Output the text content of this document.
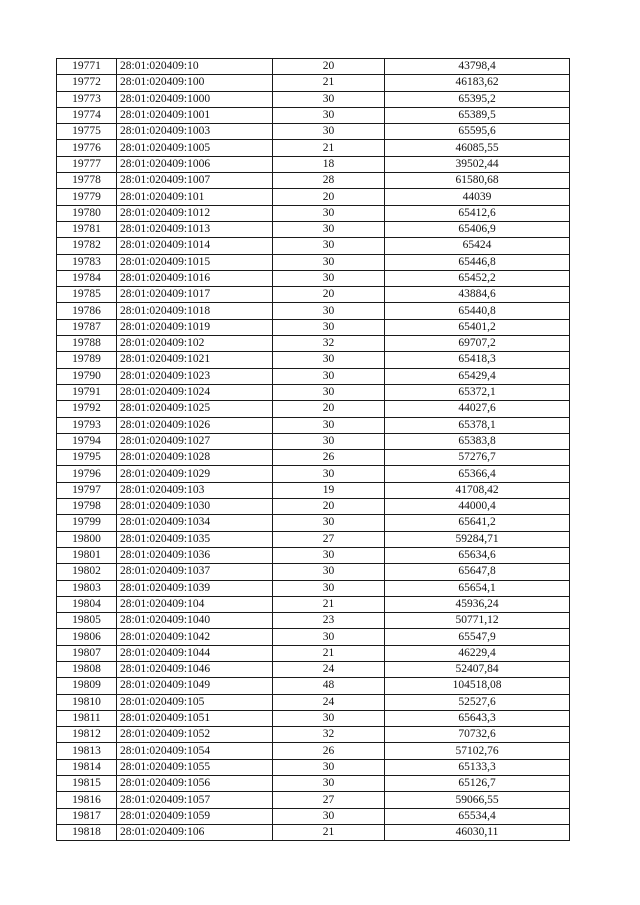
19771	28:01:020409:10	20	43798,4
19772	28:01:020409:100	21	46183,62
19773	28:01:020409:1000	30	65395,2
19774	28:01:020409:1001	30	65389,5
19775	28:01:020409:1003	30	65595,6
19776	28:01:020409:1005	21	46085,55
19777	28:01:020409:1006	18	39502,44
19778	28:01:020409:1007	28	61580,68
19779	28:01:020409:101	20	44039
19780	28:01:020409:1012	30	65412,6
19781	28:01:020409:1013	30	65406,9
19782	28:01:020409:1014	30	65424
19783	28:01:020409:1015	30	65446,8
19784	28:01:020409:1016	30	65452,2
19785	28:01:020409:1017	20	43884,6
19786	28:01:020409:1018	30	65440,8
19787	28:01:020409:1019	30	65401,2
19788	28:01:020409:102	32	69707,2
19789	28:01:020409:1021	30	65418,3
19790	28:01:020409:1023	30	65429,4
19791	28:01:020409:1024	30	65372,1
19792	28:01:020409:1025	20	44027,6
19793	28:01:020409:1026	30	65378,1
19794	28:01:020409:1027	30	65383,8
19795	28:01:020409:1028	26	57276,7
19796	28:01:020409:1029	30	65366,4
19797	28:01:020409:103	19	41708,42
19798	28:01:020409:1030	20	44000,4
19799	28:01:020409:1034	30	65641,2
19800	28:01:020409:1035	27	59284,71
19801	28:01:020409:1036	30	65634,6
19802	28:01:020409:1037	30	65647,8
19803	28:01:020409:1039	30	65654,1
19804	28:01:020409:104	21	45936,24
19805	28:01:020409:1040	23	50771,12
19806	28:01:020409:1042	30	65547,9
19807	28:01:020409:1044	21	46229,4
19808	28:01:020409:1046	24	52407,84
19809	28:01:020409:1049	48	104518,08
19810	28:01:020409:105	24	52527,6
19811	28:01:020409:1051	30	65643,3
19812	28:01:020409:1052	32	70732,6
19813	28:01:020409:1054	26	57102,76
19814	28:01:020409:1055	30	65133,3
19815	28:01:020409:1056	30	65126,7
19816	28:01:020409:1057	27	59066,55
19817	28:01:020409:1059	30	65534,4
19818	28:01:020409:106	21	46030,11
